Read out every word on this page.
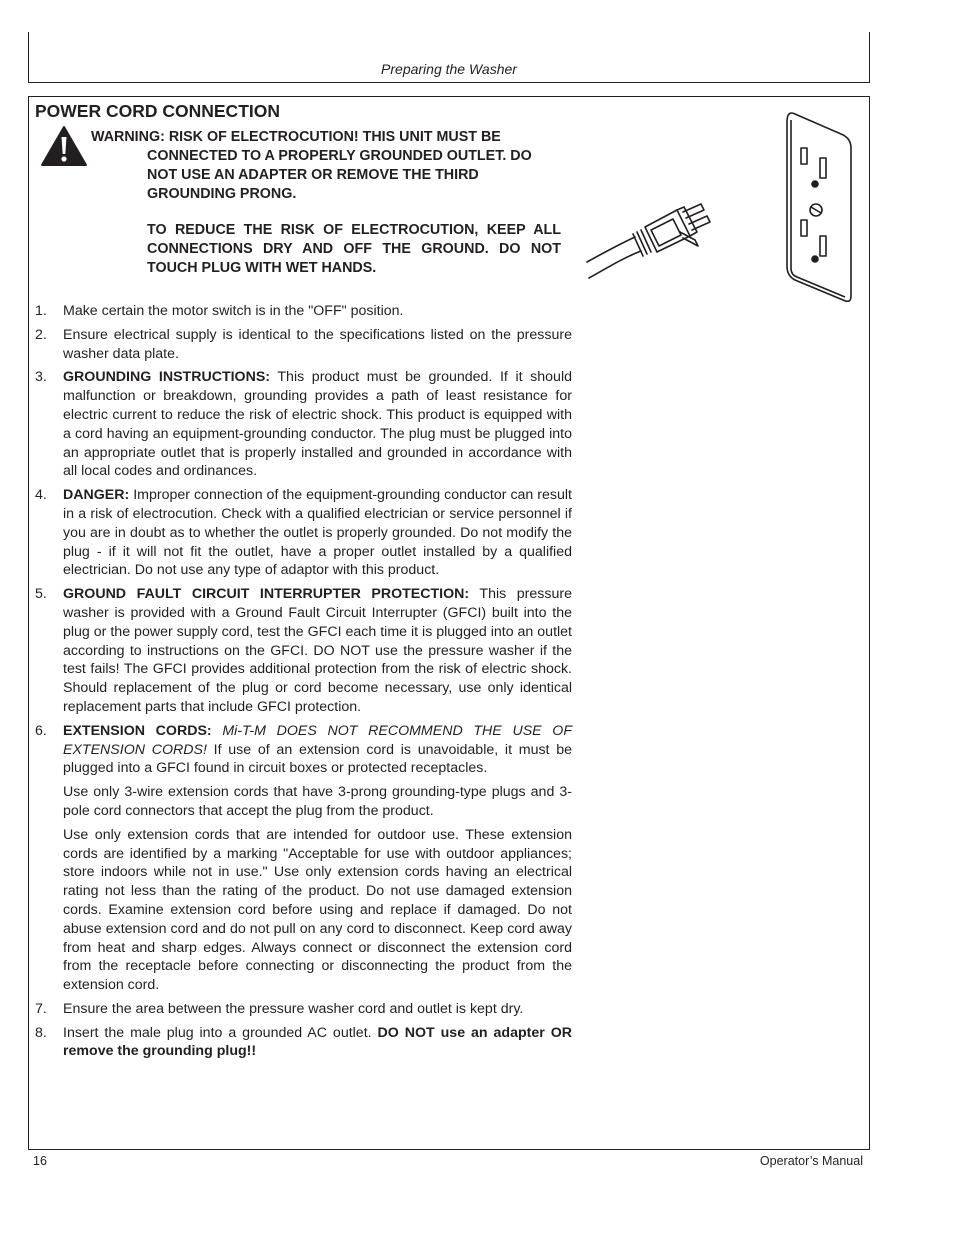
Preparing the Washer
POWER CORD CONNECTION

WARNING: RISK OF ELECTROCUTION! THIS UNIT MUST BE

CONNECTED TO A PROPERLY GROUNDED OUTLET. DO NOT USE AN ADAPTER OR REMOVE THE THIRD GROUNDING PRONG.

TO REDUCE THE RISK OF ELECTROCUTION, KEEP ALL CONNECTIONS DRY AND OFF THE GROUND. DO NOT TOUCH PLUG WITH WET HANDS.

1. Make certain the motor switch is in the "OFF" position.

2. Ensure electrical supply is identical to the specifications listed on the pressure washer data plate.

3. GROUNDING INSTRUCTIONS: This product must be grounded. If it should malfunction or breakdown, grounding provides a path of least resistance for electric current to reduce the risk of electric shock. This product is equipped with a cord having an equipment-grounding conductor. The plug must be plugged into an appropriate outlet that is properly installed and grounded in accordance with all local codes and ordinances.

4. DANGER: Improper connection of the equipment-grounding conductor can result in a risk of electrocution. Check with a qualified electrician or service personnel if you are in doubt as to whether the outlet is properly grounded. Do not modify the plug - if it will not fit the outlet, have a proper outlet installed by a qualified electrician. Do not use any type of adaptor with this product.

5. GROUND FAULT CIRCUIT INTERRUPTER PROTECTION: This pressure washer is provided with a Ground Fault Circuit Interrupter (GFCI) built into the plug or the power supply cord, test the GFCI each time it is plugged into an outlet according to instructions on the GFCI. DO NOT use the pressure washer if the test fails! The GFCI provides additional protection from the risk of electric shock. Should replacement of the plug or cord become necessary, use only identical replacement parts that include GFCI protection.

6. EXTENSION CORDS: Mi-T-M DOES NOT RECOMMEND THE USE OF EXTENSION CORDS! If use of an extension cord is unavoidable, it must be plugged into a GFCI found in circuit boxes or protected receptacles.

Use only 3-wire extension cords that have 3-prong grounding-type plugs and 3-pole cord connectors that accept the plug from the product.

Use only extension cords that are intended for outdoor use. These extension cords are identified by a marking "Acceptable for use with outdoor appliances; store indoors while not in use." Use only extension cords having an electrical rating not less than the rating of the product. Do not use damaged extension cords. Examine extension cord before using and replace if damaged. Do not abuse extension cord and do not pull on any cord to disconnect. Keep cord away from heat and sharp edges. Always connect or disconnect the extension cord from the receptacle before connecting or disconnecting the product from the extension cord.

7. Ensure the area between the pressure washer cord and outlet is kept dry.

8. Insert the male plug into a grounded AC outlet. DO NOT use an adapter OR remove the grounding plug!!

16	Operator’s Manual
